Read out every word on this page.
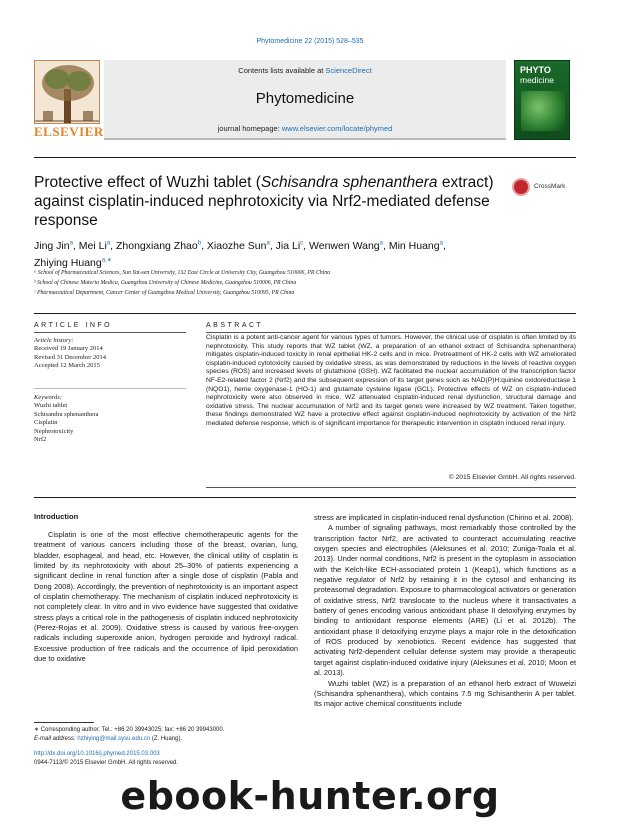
Phytomedicine 22 (2015) 528–535
ELSEVIER
Contents lists available at ScienceDirect
Phytomedicine
journal homepage: www.elsevier.com/locate/phymed
PHYTO
medicine
Protective effect of Wuzhi tablet (Schisandra sphenanthera extract) against cisplatin-induced nephrotoxicity via Nrf2-mediated defense response
CrossMark
Jing Jin$^a$, Mei Li$^a$, Zhongxiang Zhao$^b$, Xiaozhe Sun$^a$, Jia Li$^c$, Wenwen Wang$^a$, Min Huang$^a$,
Zhiying Huang$^{a,∗}$
ᵃ School of Pharmaceutical Sciences, Sun Yat-sen University, 132 East Circle at University City, Guangzhou 510006, PR China
ᵇ School of Chinese Materia Medica, Guangzhou University of Chinese Medicine, Guangzhou 510006, PR China
ᶜ Pharmaceutical Department, Cancer Center of Guangzhou Medical University, Guangzhou 510095, PR China
ARTICLE INFO	ABSTRACT
Article history:
Received 19 January 2014
Revised 31 December 2014
Accepted 12 March 2015
Keywords:
Wuzhi tablet
Schisandra sphenanthera
Cisplatin
Nephrotoxicity
Nrf2
Cisplatin is a potent anti-cancer agent for various types of tumors. However, the clinical use of cisplatin is often limited by its nephrotoxicity. This study reports that WZ tablet (WZ, a preparation of an ethanol extract of Schisandra sphenanthera) mitigates cisplatin-induced toxicity in renal epithelial HK-2 cells and in mice. Pretreatment of HK-2 cells with WZ ameliorated cisplatin-induced cytotoxicity caused by oxidative stress, as was demonstrated by reductions in the levels of reactive oxygen species (ROS) and increased levels of glutathione (GSH). WZ facilitated the nuclear accumulation of the transcription factor NF-E2-related factor 2 (Nrf2) and the subsequent expression of its target genes such as NAD(P)H:quinine oxidoreductase 1 (NQO1), heme oxygenase-1 (HO-1) and glutamate cysteine ligase (GCL). Protective effects of WZ on cisplatin-induced nephrotoxicity were also observed in mice. WZ attenuated cisplatin-induced renal dysfunction, structural damage and oxidative stress. The nuclear accumulation of Nrf2 and its target genes were increased by WZ treatment. Taken together, these findings demonstrated WZ have a protective effect against cisplatin-induced nephrotoxicity by activation of the Nrf2 mediated defense response, which is of significant importance for therapeutic intervention in cisplatin induced renal injury.
© 2015 Elsevier GmbH. All rights reserved.
Introduction

Cisplatin is one of the most effective chemotherapeutic agents for the treatment of various cancers including those of the breast, ovarian, lung, bladder, esophageal, and head, etc. However, the clinical utility of cisplatin is limited by its nephrotoxicity with about 25–30% of patients experiencing a significant decline in renal function after a single dose of cisplatin (Pabla and Dong 2008). Accordingly, the prevention of nephrotoxicity is an important aspect of cisplatin chemotherapy. The mechanism of cisplatin induced nephrotoxicity is not completely clear. In vitro and in vivo evidence have suggested that oxidative stress plays a critical role in the pathogenesis of cisplatin induced nephrotoxicity (Perez-Rojas et al. 2009). Oxidative stress is caused by various free-oxygen radicals including superoxide anion, hydrogen peroxide and hydroxyl radical. Excessive production of free radicals and the occurrence of lipid peroxidation due to oxidative

stress are implicated in cisplatin-induced renal dysfunction (Chirino et al. 2008).

A number of signaling pathways, most remarkably those controlled by the transcription factor Nrf2, are activated to counteract accumulating reactive oxygen species and electrophiles (Aleksunes et al. 2010; Zuniga-Toala et al. 2013). Under normal conditions, Nrf2 is present in the cytoplasm in association with the Kelch-like ECH-associated protein 1 (Keap1), which functions as a negative regulator of Nrf2 by retaining it in the cytosol and enhancing its proteasomal degradation. Exposure to pharmacological activators or generation of oxidative stress, Nrf2 translocate to the nucleus where it transactivates a battery of genes encoding various antioxidant phase II detoxifying enzymes by binding to antioxidant response elements (ARE) (Li et al. 2012b). The antioxidant phase II detoxifying enzyme plays a major role in the detoxification of ROS produced by xenobiotics. Recent evidence has suggested that activating Nrf2-dependent cellular defense system may provide a therapeutic target against cisplatin-induced oxidative injury (Aleksunes et al. 2010; Moon et al. 2013).

Wuzhi tablet (WZ) is a preparation of an ethanol herb extract of Wuweizi (Schisandra sphenanthera), which contains 7.5 mg Schisantherin A per tablet. Its major active chemical constituents include

∗ Corresponding author. Tel.: +86 20 39943025; fax: +86 20 39943000.
E-mail address: hzhiying@mail.sysu.edu.cn (Z. Huang).
http://dx.doi.org/10.1016/j.phymed.2015.03.003
0944-7113/© 2015 Elsevier GmbH. All rights reserved.
ebook-hunter.org
